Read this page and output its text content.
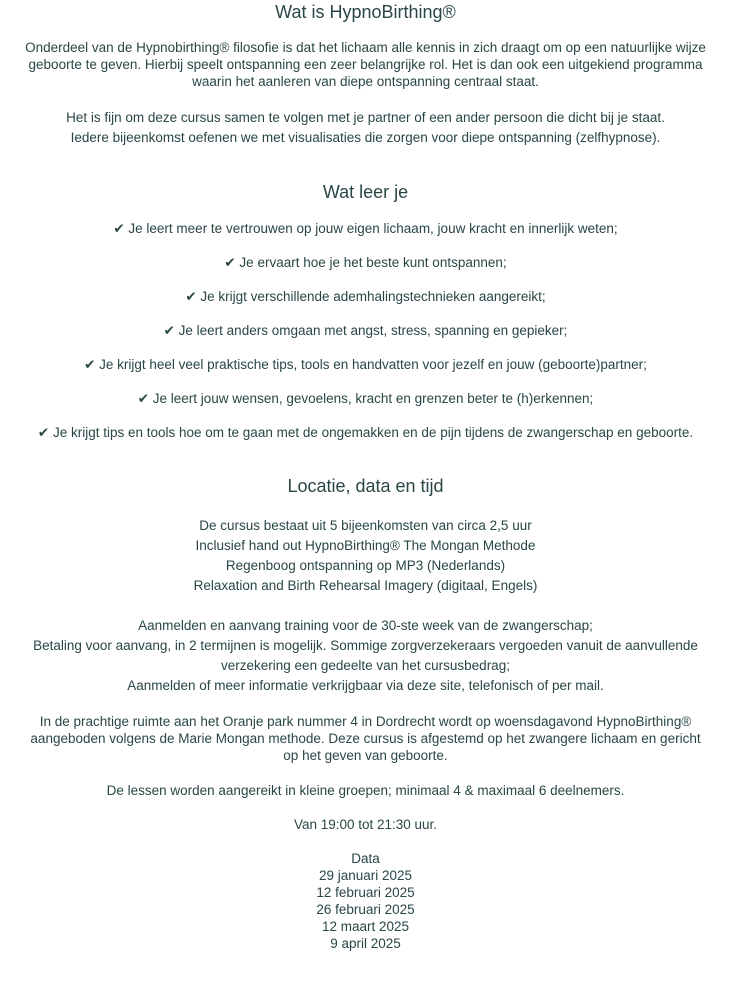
Wat is HypnoBirthing®

Onderdeel van de Hypnobirthing® filosofie is dat het lichaam alle kennis in zich draagt om op een natuurlijke wijze
geboorte te geven. Hierbij speelt ontspanning een zeer belangrijke rol. Het is dan ook een uitgekiend programma
waarin het aanleren van diepe ontspanning centraal staat.

Het is fijn om deze cursus samen te volgen met je partner of een ander persoon die dicht bij je staat.
Iedere bijeenkomst oefenen we met visualisaties die zorgen voor diepe ontspanning (zelfhypnose).

Wat leer je
✔ Je leert meer te vertrouwen op jouw eigen lichaam, jouw kracht en innerlijk weten;
✔ Je ervaart hoe je het beste kunt ontspannen;
✔ Je krijgt verschillende ademhalingstechnieken aangereikt;
✔ Je leert anders omgaan met angst, stress, spanning en gepieker;
✔ Je krijgt heel veel praktische tips, tools en handvatten voor jezelf en jouw (geboorte)partner;
✔ Je leert jouw wensen, gevoelens, kracht en grenzen beter te (h)erkennen;
✔ Je krijgt tips en tools hoe om te gaan met de ongemakken en de pijn tijdens de zwangerschap en geboorte.
Locatie, data en tijd

De cursus bestaat uit 5 bijeenkomsten van circa 2,5 uur
Inclusief hand out HypnoBirthing® The Mongan Methode
Regenboog ontspanning op MP3 (Nederlands)
Relaxation and Birth Rehearsal Imagery (digitaal, Engels)

Aanmelden en aanvang training voor de 30-ste week van de zwangerschap;
Betaling voor aanvang, in 2 termijnen is mogelijk. Sommige zorgverzekeraars vergoeden vanuit de aanvullende
verzekering een gedeelte van het cursusbedrag;
Aanmelden of meer informatie verkrijgbaar via deze site, telefonisch of per mail.

In de prachtige ruimte aan het Oranje park nummer 4 in Dordrecht wordt op woensdagavond HypnoBirthing®
aangeboden volgens de Marie Mongan methode. Deze cursus is afgestemd op het zwangere lichaam en gericht
op het geven van geboorte.

De lessen worden aangereikt in kleine groepen; minimaal 4 & maximaal 6 deelnemers.

Van 19:00 tot 21:30 uur.

Data
29 januari 2025
12 februari 2025
26 februari 2025
12 maart 2025
9 april 2025
